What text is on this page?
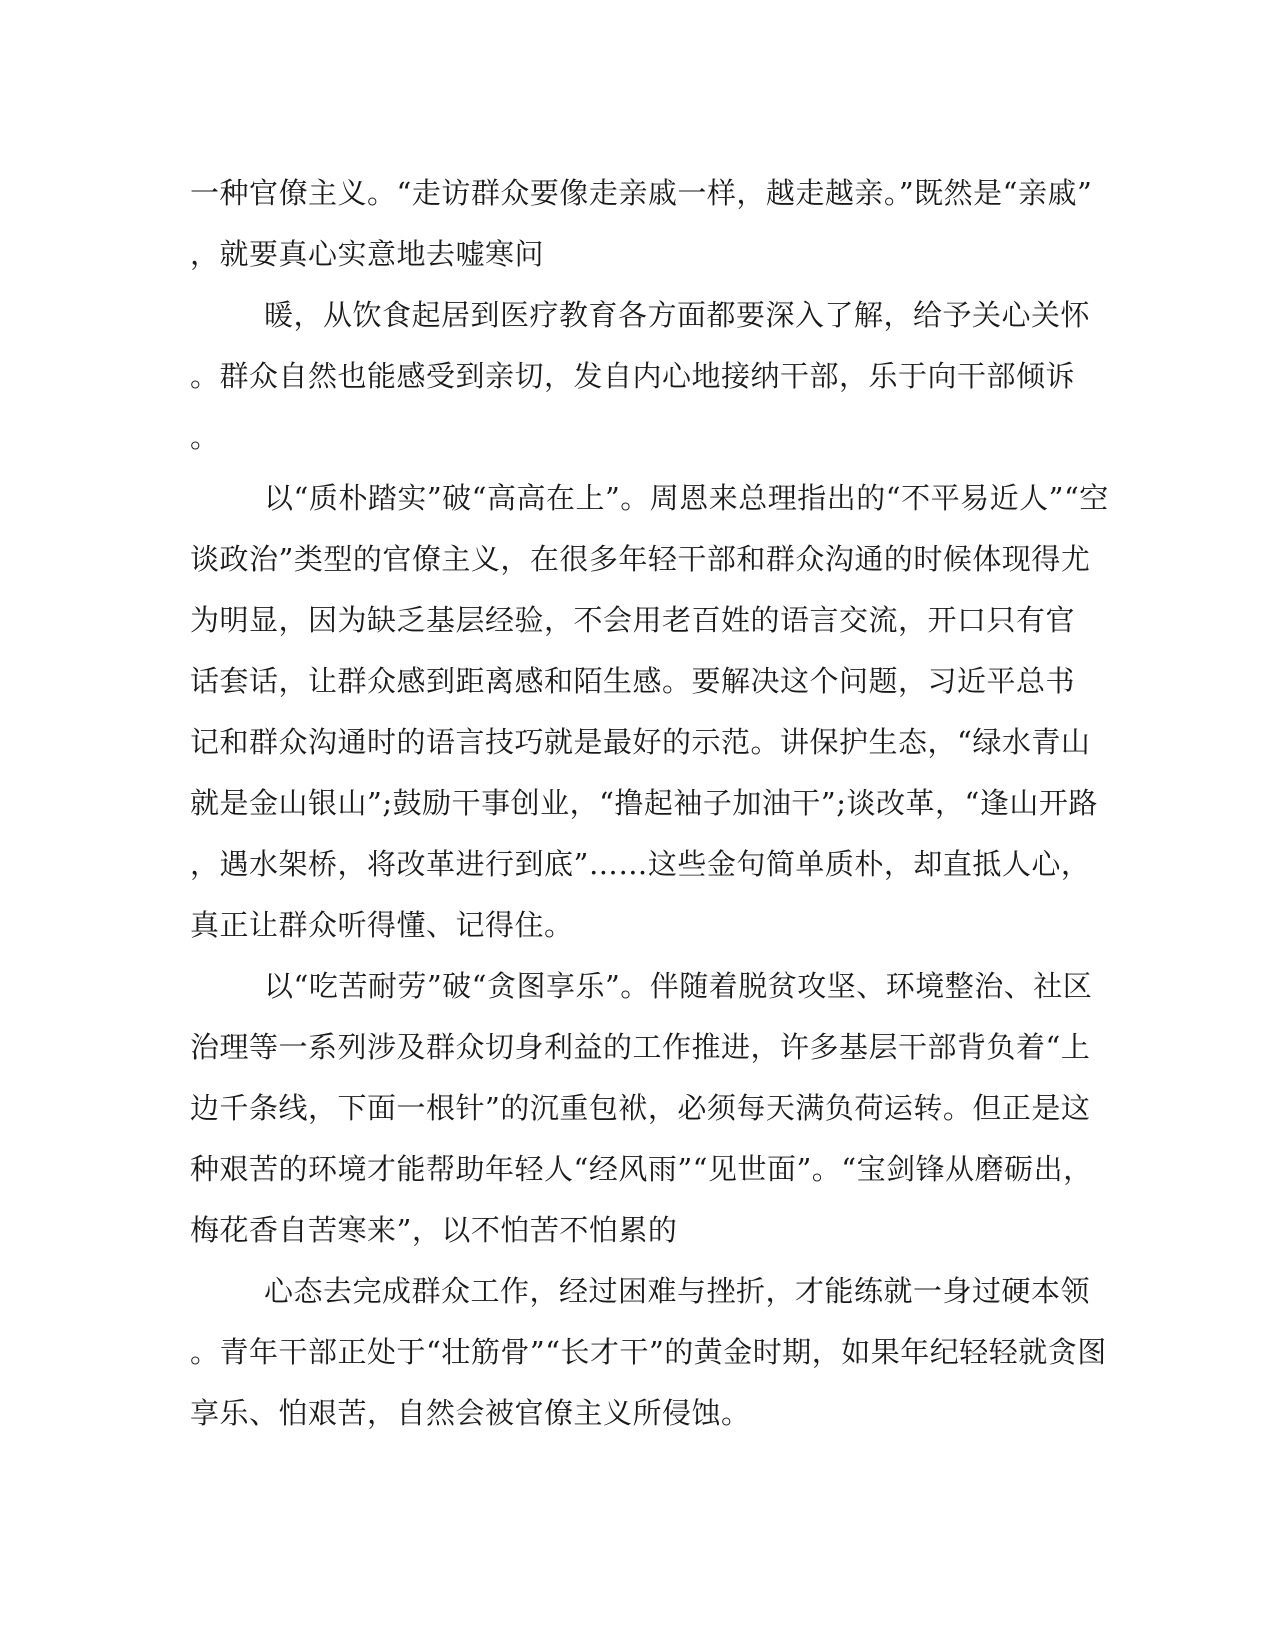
一种官僚主义。“走访群众要像走亲戚一样，越走越亲。”既然是“亲戚”
，就要真心实意地去嘘寒问
暖，从饮食起居到医疗教育各方面都要深入了解，给予关心关怀
。群众自然也能感受到亲切，发自内心地接纳干部，乐于向干部倾诉
。
以“质朴踏实”破“高高在上”。周恩来总理指出的“不平易近人”“空
谈政治”类型的官僚主义，在很多年轻干部和群众沟通的时候体现得尤
为明显，因为缺乏基层经验，不会用老百姓的语言交流，开口只有官
话套话，让群众感到距离感和陌生感。要解决这个问题，习近平总书
记和群众沟通时的语言技巧就是最好的示范。讲保护生态，“绿水青山
就是金山银山”;鼓励干事创业，“撸起袖子加油干”;谈改革，“逢山开路
，遇水架桥，将改革进行到底”……这些金句简单质朴，却直抵人心，
真正让群众听得懂、记得住。
以“吃苦耐劳”破“贪图享乐”。伴随着脱贫攻坚、环境整治、社区
治理等一系列涉及群众切身利益的工作推进，许多基层干部背负着“上
边千条线，下面一根针”的沉重包袱，必须每天满负荷运转。但正是这
种艰苦的环境才能帮助年轻人“经风雨”“见世面”。“宝剑锋从磨砺出，
梅花香自苦寒来”，以不怕苦不怕累的
心态去完成群众工作，经过困难与挫折，才能练就一身过硬本领
。青年干部正处于“壮筋骨”“长才干”的黄金时期，如果年纪轻轻就贪图
享乐、怕艰苦，自然会被官僚主义所侵蚀。
